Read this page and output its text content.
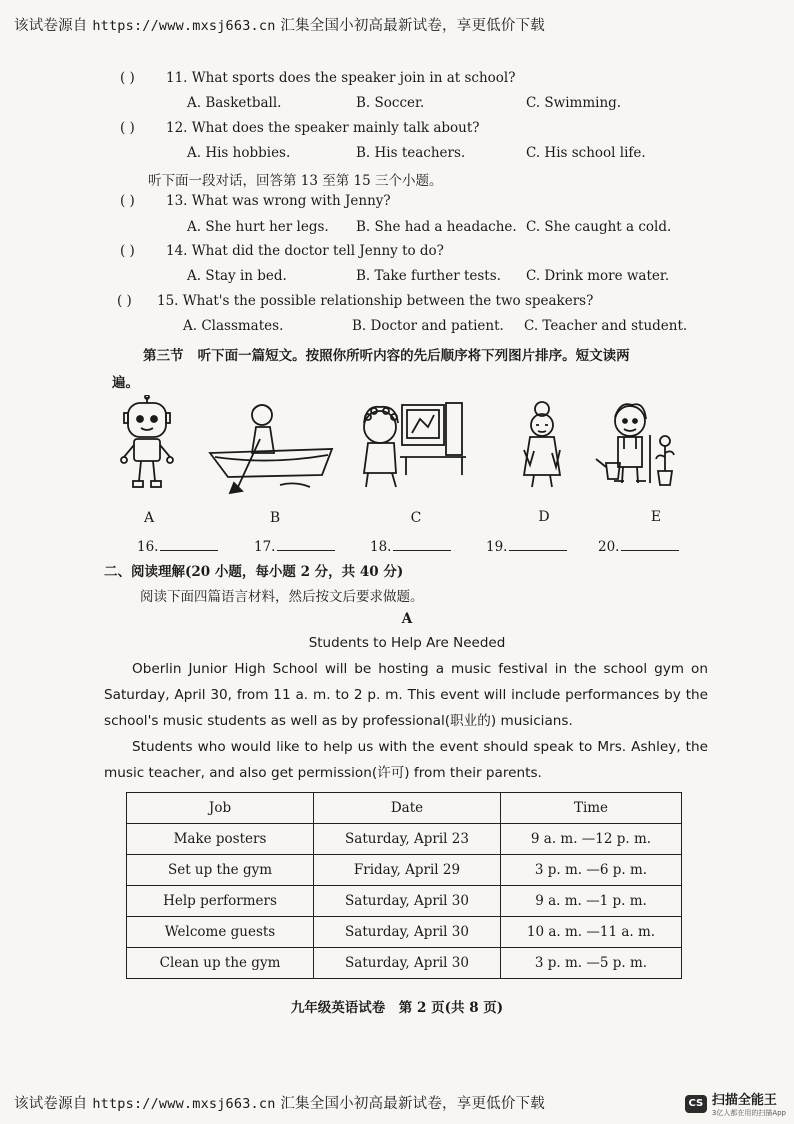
该试卷源自 https://www.mxsj663.cn 汇集全国小初高最新试卷，享更低价下载
( ) 11. What sports does the speaker join in at school?
A. Basketball.	B. Soccer.	C. Swimming.
( ) 12. What does the speaker mainly talk about?
A. His hobbies.	B. His teachers.	C. His school life.
听下面一段对话，回答第 13 至第 15 三个小题。
( ) 13. What was wrong with Jenny?
A. She hurt her legs. B. She had a headache. C. She caught a cold.
( ) 14. What did the doctor tell Jenny to do?
A. Stay in bed.	B. Take further tests. C. Drink more water.
( ) 15. What's the possible relationship between the two speakers?
A. Classmates.	B. Doctor and patient. C. Teacher and student.
第三节 听下面一篇短文。按照你所听内容的先后顺序将下列图片排序。短文读两
遍。
A	B	C	D	E
16.	17.	18.	19.	20.
二、阅读理解(20 小题，每小题 2 分，共 40 分)
阅读下面四篇语言材料，然后按文后要求做题。
A
Students to Help Are Needed
Oberlin Junior High School will be hosting a music festival in the school gym on Saturday, April 30, from 11 a. m. to 2 p. m. This event will include performances by the school's music students as well as by professional(职业的) musicians.
Students who would like to help us with the event should speak to Mrs. Ashley, the music teacher, and also get permission(许可) from their parents.
Job	Date	Time
Make posters	Saturday, April 23	9 a. m. —12 p. m.
Set up the gym	Friday, April 29	3 p. m. —6 p. m.
Help performers	Saturday, April 30	9 a. m. —1 p. m.
Welcome guests	Saturday, April 30	10 a. m. —11 a. m.
Clean up the gym	Saturday, April 30	3 p. m. —5 p. m.
九年级英语试卷　第 2 页(共 8 页)
该试卷源自 https://www.mxsj663.cn 汇集全国小初高最新试卷，享更低价下载	CS 扫描全能王
3亿人都在用的扫描App
